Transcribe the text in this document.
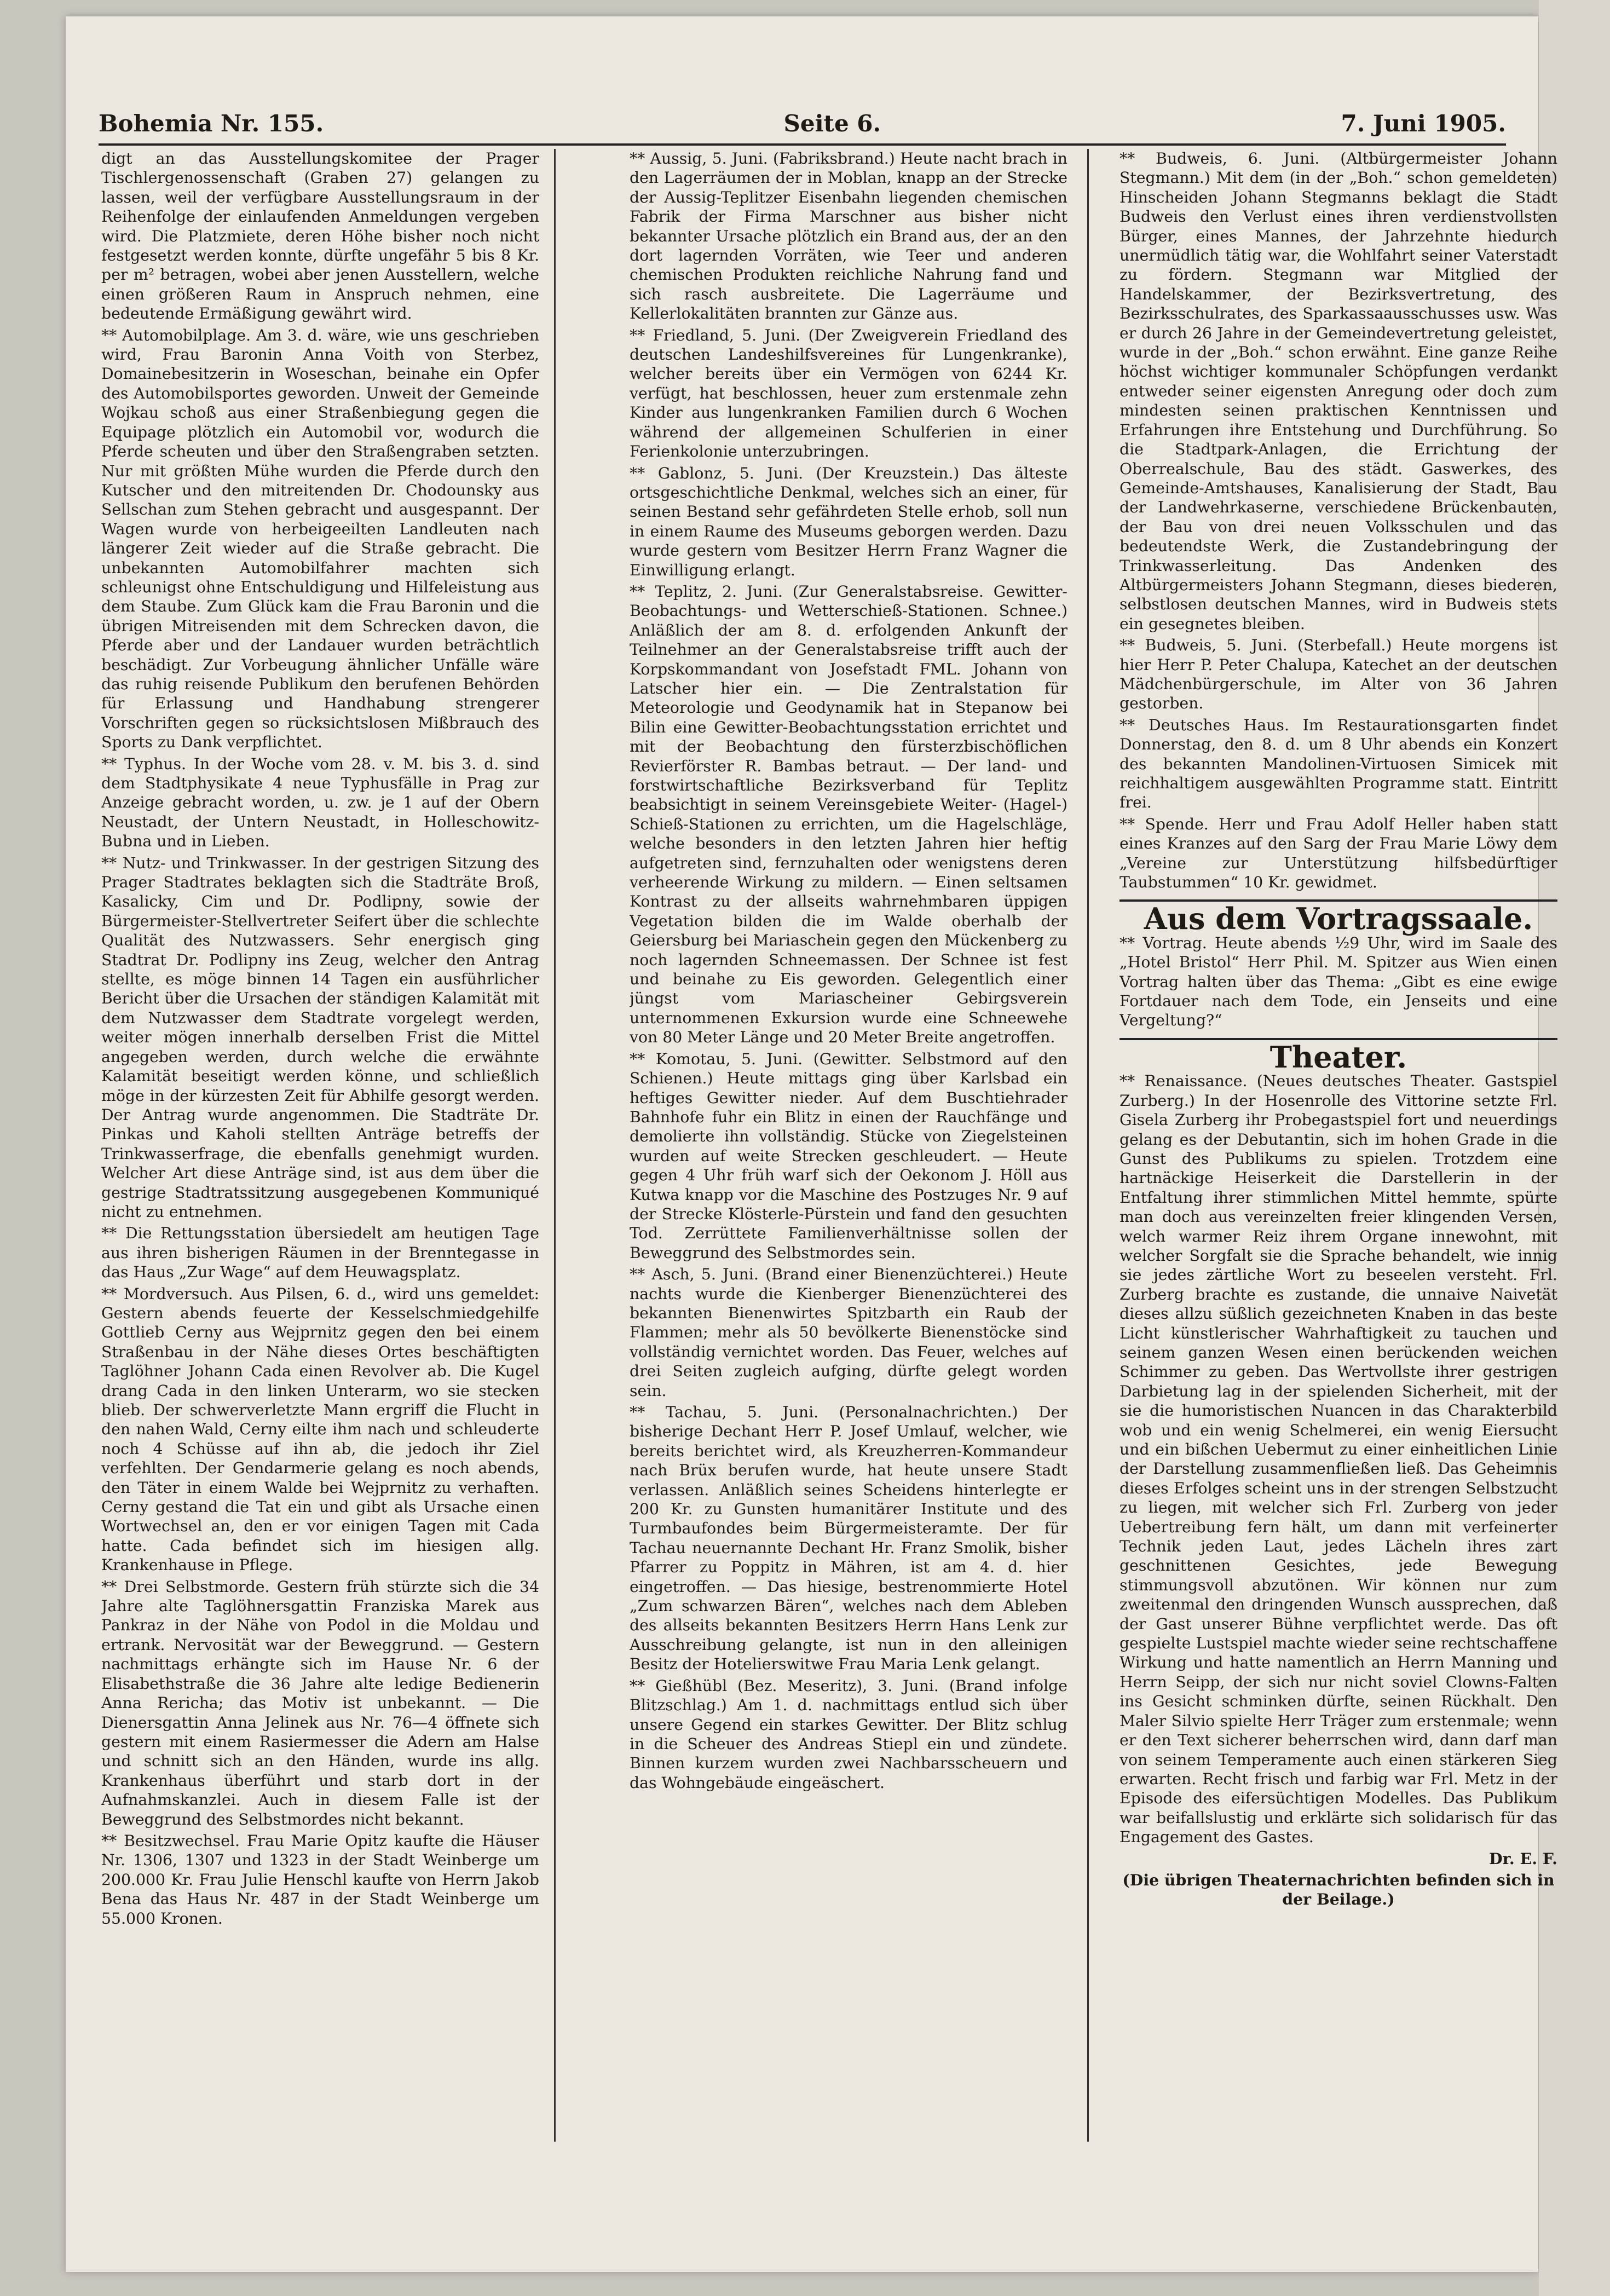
Bohemia Nr. 155.	Seite 6.	7. Juni 1905.

digt an das Ausstellungskomitee der Prager Tischlergenossenschaft (Graben 27) gelangen zu lassen, weil der verfügbare Ausstellungsraum in der Reihenfolge der einlaufenden Anmeldungen vergeben wird. Die Platzmiete, deren Höhe bisher noch nicht festgesetzt werden konnte, dürfte ungefähr 5 bis 8 Kr. per m² betragen, wobei aber jenen Ausstellern, welche einen größeren Raum in Anspruch nehmen, eine bedeutende Ermäßigung gewährt wird.

** Automobilplage. Am 3. d. wäre, wie uns geschrieben wird, Frau Baronin Anna Voith von Sterbez, Domainebesitzerin in Woseschan, beinahe ein Opfer des Automobilsportes geworden. Unweit der Gemeinde Wojkau schoß aus einer Straßenbiegung gegen die Equipage plötzlich ein Automobil vor, wodurch die Pferde scheuten und über den Straßengraben setzten. Nur mit größten Mühe wurden die Pferde durch den Kutscher und den mitreitenden Dr. Chodounsky aus Sellschan zum Stehen gebracht und ausgespannt. Der Wagen wurde von herbeigeeilten Landleuten nach längerer Zeit wieder auf die Straße gebracht. Die unbekannten Automobilfahrer machten sich schleunigst ohne Entschuldigung und Hilfeleistung aus dem Staube. Zum Glück kam die Frau Baronin und die übrigen Mitreisenden mit dem Schrecken davon, die Pferde aber und der Landauer wurden beträchtlich beschädigt. Zur Vorbeugung ähnlicher Unfälle wäre das ruhig reisende Publikum den berufenen Behörden für Erlassung und Handhabung strengerer Vorschriften gegen so rücksichtslosen Mißbrauch des Sports zu Dank verpflichtet.

** Typhus. In der Woche vom 28. v. M. bis 3. d. sind dem Stadtphysikate 4 neue Typhusfälle in Prag zur Anzeige gebracht worden, u. zw. je 1 auf der Obern Neustadt, der Untern Neustadt, in Holleschowitz-Bubna und in Lieben.

** Nutz- und Trinkwasser. In der gestrigen Sitzung des Prager Stadtrates beklagten sich die Stadträte Broß, Kasalicky, Cim und Dr. Podlipny, sowie der Bürgermeister-Stellvertreter Seifert über die schlechte Qualität des Nutzwassers. Sehr energisch ging Stadtrat Dr. Podlipny ins Zeug, welcher den Antrag stellte, es möge binnen 14 Tagen ein ausführlicher Bericht über die Ursachen der ständigen Kalamität mit dem Nutzwasser dem Stadtrate vorgelegt werden, weiter mögen innerhalb derselben Frist die Mittel angegeben werden, durch welche die erwähnte Kalamität beseitigt werden könne, und schließlich möge in der kürzesten Zeit für Abhilfe gesorgt werden. Der Antrag wurde angenommen. Die Stadträte Dr. Pinkas und Kaholi stellten Anträge betreffs der Trinkwasserfrage, die ebenfalls genehmigt wurden. Welcher Art diese Anträge sind, ist aus dem über die gestrige Stadtratssitzung ausgegebenen Kommuniqué nicht zu entnehmen.

** Die Rettungsstation übersiedelt am heutigen Tage aus ihren bisherigen Räumen in der Brenntegasse in das Haus „Zur Wage“ auf dem Heuwagsplatz.

** Mordversuch. Aus Pilsen, 6. d., wird uns gemeldet: Gestern abends feuerte der Kesselschmiedgehilfe Gottlieb Cerny aus Wejprnitz gegen den bei einem Straßenbau in der Nähe dieses Ortes beschäftigten Taglöhner Johann Cada einen Revolver ab. Die Kugel drang Cada in den linken Unterarm, wo sie stecken blieb. Der schwerverletzte Mann ergriff die Flucht in den nahen Wald, Cerny eilte ihm nach und schleuderte noch 4 Schüsse auf ihn ab, die jedoch ihr Ziel verfehlten. Der Gendarmerie gelang es noch abends, den Täter in einem Walde bei Wejprnitz zu verhaften. Cerny gestand die Tat ein und gibt als Ursache einen Wortwechsel an, den er vor einigen Tagen mit Cada hatte. Cada befindet sich im hiesigen allg. Krankenhause in Pflege.

** Drei Selbstmorde. Gestern früh stürzte sich die 34 Jahre alte Taglöhnersgattin Franziska Marek aus Pankraz in der Nähe von Podol in die Moldau und ertrank. Nervosität war der Beweggrund. — Gestern nachmittags erhängte sich im Hause Nr. 6 der Elisabethstraße die 36 Jahre alte ledige Bedienerin Anna Rericha; das Motiv ist unbekannt. — Die Dienersgattin Anna Jelinek aus Nr. 76—4 öffnete sich gestern mit einem Rasiermesser die Adern am Halse und schnitt sich an den Händen, wurde ins allg. Krankenhaus überführt und starb dort in der Aufnahmskanzlei. Auch in diesem Falle ist der Beweggrund des Selbstmordes nicht bekannt.

** Besitzwechsel. Frau Marie Opitz kaufte die Häuser Nr. 1306, 1307 und 1323 in der Stadt Weinberge um 200.000 Kr. Frau Julie Henschl kaufte von Herrn Jakob Bena das Haus Nr. 487 in der Stadt Weinberge um 55.000 Kronen.

** Aussig, 5. Juni. (Fabriksbrand.) Heute nacht brach in den Lagerräumen der in Moblan, knapp an der Strecke der Aussig-Teplitzer Eisenbahn liegenden chemischen Fabrik der Firma Marschner aus bisher nicht bekannter Ursache plötzlich ein Brand aus, der an den dort lagernden Vorräten, wie Teer und anderen chemischen Produkten reichliche Nahrung fand und sich rasch ausbreitete. Die Lagerräume und Kellerlokalitäten brannten zur Gänze aus.

** Friedland, 5. Juni. (Der Zweigverein Friedland des deutschen Landeshilfsvereines für Lungenkranke), welcher bereits über ein Vermögen von 6244 Kr. verfügt, hat beschlossen, heuer zum erstenmale zehn Kinder aus lungenkranken Familien durch 6 Wochen während der allgemeinen Schulferien in einer Ferienkolonie unterzubringen.

** Gablonz, 5. Juni. (Der Kreuzstein.) Das älteste ortsgeschichtliche Denkmal, welches sich an einer, für seinen Bestand sehr gefährdeten Stelle erhob, soll nun in einem Raume des Museums geborgen werden. Dazu wurde gestern vom Besitzer Herrn Franz Wagner die Einwilligung erlangt.

** Teplitz, 2. Juni. (Zur Generalstabsreise. Gewitter-Beobachtungs- und Wetterschieß-Stationen. Schnee.) Anläßlich der am 8. d. erfolgenden Ankunft der Teilnehmer an der Generalstabsreise trifft auch der Korpskommandant von Josefstadt FML. Johann von Latscher hier ein. — Die Zentralstation für Meteorologie und Geodynamik hat in Stepanow bei Bilin eine Gewitter-Beobachtungsstation errichtet und mit der Beobachtung den fürsterzbischöflichen Revierförster R. Bambas betraut. — Der land- und forstwirtschaftliche Bezirksverband für Teplitz beabsichtigt in seinem Vereinsgebiete Weiter- (Hagel-) Schieß-Stationen zu errichten, um die Hagelschläge, welche besonders in den letzten Jahren hier heftig aufgetreten sind, fernzuhalten oder wenigstens deren verheerende Wirkung zu mildern. — Einen seltsamen Kontrast zu der allseits wahrnehmbaren üppigen Vegetation bilden die im Walde oberhalb der Geiersburg bei Mariaschein gegen den Mückenberg zu noch lagernden Schneemassen. Der Schnee ist fest und beinahe zu Eis geworden. Gelegentlich einer jüngst vom Mariascheiner Gebirgsverein unternommenen Exkursion wurde eine Schneewehe von 80 Meter Länge und 20 Meter Breite angetroffen.

** Komotau, 5. Juni. (Gewitter. Selbstmord auf den Schienen.) Heute mittags ging über Karlsbad ein heftiges Gewitter nieder. Auf dem Buschtiehrader Bahnhofe fuhr ein Blitz in einen der Rauchfänge und demolierte ihn vollständig. Stücke von Ziegelsteinen wurden auf weite Strecken geschleudert. — Heute gegen 4 Uhr früh warf sich der Oekonom J. Höll aus Kutwa knapp vor die Maschine des Postzuges Nr. 9 auf der Strecke Klösterle-Pürstein und fand den gesuchten Tod. Zerrüttete Familienverhältnisse sollen der Beweggrund des Selbstmordes sein.

** Asch, 5. Juni. (Brand einer Bienenzüchterei.) Heute nachts wurde die Kienberger Bienenzüchterei des bekannten Bienenwirtes Spitzbarth ein Raub der Flammen; mehr als 50 bevölkerte Bienenstöcke sind vollständig vernichtet worden. Das Feuer, welches auf drei Seiten zugleich aufging, dürfte gelegt worden sein.

** Tachau, 5. Juni. (Personalnachrichten.) Der bisherige Dechant Herr P. Josef Umlauf, welcher, wie bereits berichtet wird, als Kreuzherren-Kommandeur nach Brüx berufen wurde, hat heute unsere Stadt verlassen. Anläßlich seines Scheidens hinterlegte er 200 Kr. zu Gunsten humanitärer Institute und des Turmbaufondes beim Bürgermeisteramte. Der für Tachau neuernannte Dechant Hr. Franz Smolik, bisher Pfarrer zu Poppitz in Mähren, ist am 4. d. hier eingetroffen. — Das hiesige, bestrenommierte Hotel „Zum schwarzen Bären“, welches nach dem Ableben des allseits bekannten Besitzers Herrn Hans Lenk zur Ausschreibung gelangte, ist nun in den alleinigen Besitz der Hotelierswitwe Frau Maria Lenk gelangt.

** Gießhübl (Bez. Meseritz), 3. Juni. (Brand infolge Blitzschlag.) Am 1. d. nachmittags entlud sich über unsere Gegend ein starkes Gewitter. Der Blitz schlug in die Scheuer des Andreas Stiepl ein und zündete. Binnen kurzem wurden zwei Nachbarsscheuern und das Wohngebäude eingeäschert.

** Budweis, 6. Juni. (Altbürgermeister Johann Stegmann.) Mit dem (in der „Boh.“ schon gemeldeten) Hinscheiden Johann Stegmanns beklagt die Stadt Budweis den Verlust eines ihren verdienstvollsten Bürger, eines Mannes, der Jahrzehnte hiedurch unermüdlich tätig war, die Wohlfahrt seiner Vaterstadt zu fördern. Stegmann war Mitglied der Handelskammer, der Bezirksvertretung, des Bezirksschulrates, des Sparkassaausschusses usw. Was er durch 26 Jahre in der Gemeindevertretung geleistet, wurde in der „Boh.“ schon erwähnt. Eine ganze Reihe höchst wichtiger kommunaler Schöpfungen verdankt entweder seiner eigensten Anregung oder doch zum mindesten seinen praktischen Kenntnissen und Erfahrungen ihre Entstehung und Durchführung. So die Stadtpark-Anlagen, die Errichtung der Oberrealschule, Bau des städt. Gaswerkes, des Gemeinde-Amtshauses, Kanalisierung der Stadt, Bau der Landwehrkaserne, verschiedene Brückenbauten, der Bau von drei neuen Volksschulen und das bedeutendste Werk, die Zustandebringung der Trinkwasserleitung. Das Andenken des Altbürgermeisters Johann Stegmann, dieses biederen, selbstlosen deutschen Mannes, wird in Budweis stets ein gesegnetes bleiben.

** Budweis, 5. Juni. (Sterbefall.) Heute morgens ist hier Herr P. Peter Chalupa, Katechet an der deutschen Mädchenbürgerschule, im Alter von 36 Jahren gestorben.

** Deutsches Haus. Im Restaurationsgarten findet Donnerstag, den 8. d. um 8 Uhr abends ein Konzert des bekannten Mandolinen-Virtuosen Simicek mit reichhaltigem ausgewählten Programme statt. Eintritt frei.

** Spende. Herr und Frau Adolf Heller haben statt eines Kranzes auf den Sarg der Frau Marie Löwy dem „Vereine zur Unterstützung hilfsbedürftiger Taubstummen“ 10 Kr. gewidmet.

Aus dem Vortragssaale.

** Vortrag. Heute abends ½9 Uhr, wird im Saale des „Hotel Bristol“ Herr Phil. M. Spitzer aus Wien einen Vortrag halten über das Thema: „Gibt es eine ewige Fortdauer nach dem Tode, ein Jenseits und eine Vergeltung?“

Theater.

** Renaissance. (Neues deutsches Theater. Gastspiel Zurberg.) In der Hosenrolle des Vittorine setzte Frl. Gisela Zurberg ihr Probegastspiel fort und neuerdings gelang es der Debutantin, sich im hohen Grade in die Gunst des Publikums zu spielen. Trotzdem eine hartnäckige Heiserkeit die Darstellerin in der Entfaltung ihrer stimmlichen Mittel hemmte, spürte man doch aus vereinzelten freier klingenden Versen, welch warmer Reiz ihrem Organe innewohnt, mit welcher Sorgfalt sie die Sprache behandelt, wie innig sie jedes zärtliche Wort zu beseelen versteht. Frl. Zurberg brachte es zustande, die unnaive Naivetät dieses allzu süßlich gezeichneten Knaben in das beste Licht künstlerischer Wahrhaftigkeit zu tauchen und seinem ganzen Wesen einen berückenden weichen Schimmer zu geben. Das Wertvollste ihrer gestrigen Darbietung lag in der spielenden Sicherheit, mit der sie die humoristischen Nuancen in das Charakterbild wob und ein wenig Schelmerei, ein wenig Eiersucht und ein bißchen Uebermut zu einer einheitlichen Linie der Darstellung zusammenfließen ließ. Das Geheimnis dieses Erfolges scheint uns in der strengen Selbstzucht zu liegen, mit welcher sich Frl. Zurberg von jeder Uebertreibung fern hält, um dann mit verfeinerter Technik jeden Laut, jedes Lächeln ihres zart geschnittenen Gesichtes, jede Bewegung stimmungsvoll abzutönen. Wir können nur zum zweitenmal den dringenden Wunsch aussprechen, daß der Gast unserer Bühne verpflichtet werde. Das oft gespielte Lustspiel machte wieder seine rechtschaffene Wirkung und hatte namentlich an Herrn Manning und Herrn Seipp, der sich nur nicht soviel Clowns-Falten ins Gesicht schminken dürfte, seinen Rückhalt. Den Maler Silvio spielte Herr Träger zum erstenmale; wenn er den Text sicherer beherrschen wird, dann darf man von seinem Temperamente auch einen stärkeren Sieg erwarten. Recht frisch und farbig war Frl. Metz in der Episode des eifersüchtigen Modelles. Das Publikum war beifallslustig und erklärte sich solidarisch für das Engagement des Gastes.

Dr. E. F.

(Die übrigen Theaternachrichten befinden sich in der Beilage.)
